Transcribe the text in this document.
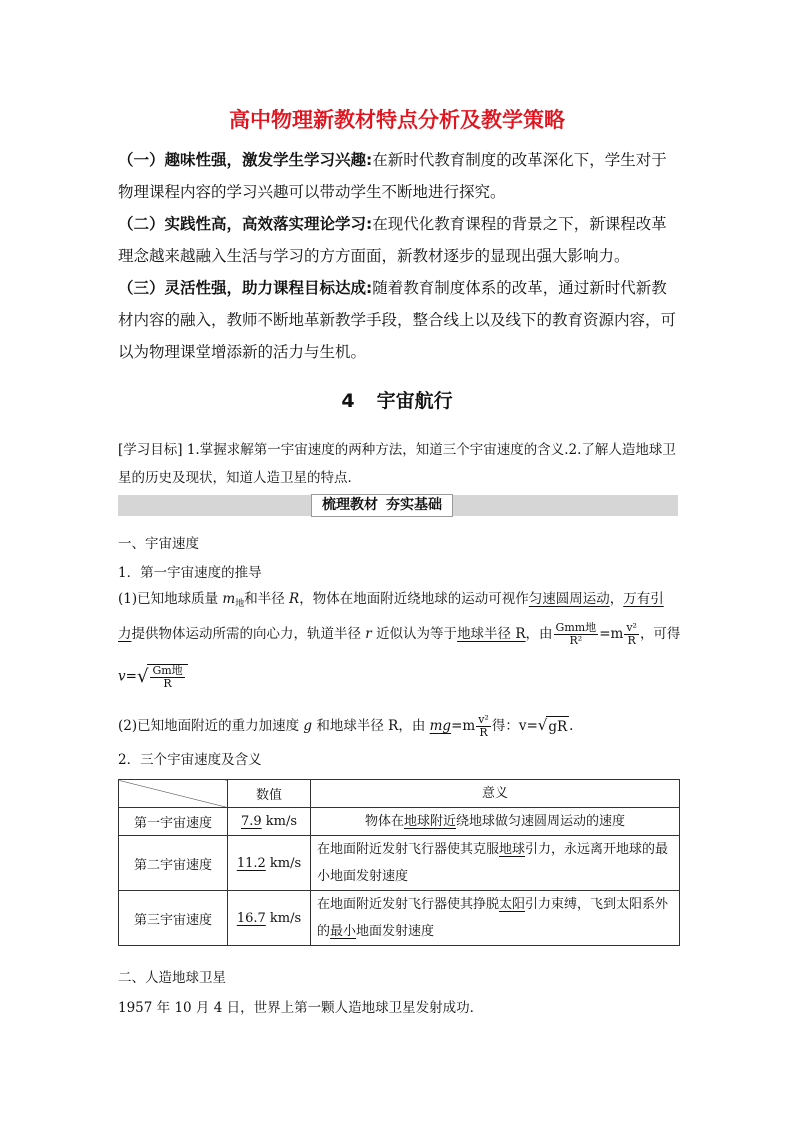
高中物理新教材特点分析及教学策略

（一）趣味性强，激发学生学习兴趣:在新时代教育制度的改革深化下，学生对于物理课程内容的学习兴趣可以带动学生不断地进行探究。

（二）实践性高，高效落实理论学习:在现代化教育课程的背景之下，新课程改革理念越来越融入生活与学习的方方面面，新教材逐步的显现出强大影响力。

（三）灵活性强，助力课程目标达成:随着教育制度体系的改革，通过新时代新教材内容的融入，教师不断地革新教学手段，整合线上以及线下的教育资源内容，可以为物理课堂增添新的活力与生机。

4 宇宙航行
[学习目标] 1.掌握求解第一宇宙速度的两种方法，知道三个宇宙速度的含义.2.了解人造地球卫星的历史及现状，知道人造卫星的特点．
梳理教材 夯实基础
一、宇宙速度
1．第一宇宙速度的推导
(1)已知地球质量 $m_地$和半径 R，物体在地面附近绕地球的运动可视作匀速圆周运动，万有引
力提供物体运动所需的向心力，轨道半径 r 近似认为等于地球半径 R，由 $\frac{\text{Gmm地}}{\text{R²}} =m \frac{\text{v²}}{R}$ ，可得
$v=√ \frac{\text{Gm地}}{R}$
(2)已知地面附近的重力加速度 g 和地球半径 R，由 $mg=m \frac{\text{v²}}{R}$ 得：v=√gR .
2．三个宇宙速度及含义
	数值	意义
第一宇宙速度	7.9 km/s	物体在地球附近绕地球做匀速圆周运动的速度
第二宇宙速度	11.2 km/s	在地面附近发射飞行器使其克服地球引力，永远离开地球的最小地面发射速度
第三宇宙速度	16.7 km/s	在地面附近发射飞行器使其挣脱太阳引力束缚，飞到太阳系外的最小地面发射速度
二、人造地球卫星
1957 年 10 月 4 日，世界上第一颗人造地球卫星发射成功．
